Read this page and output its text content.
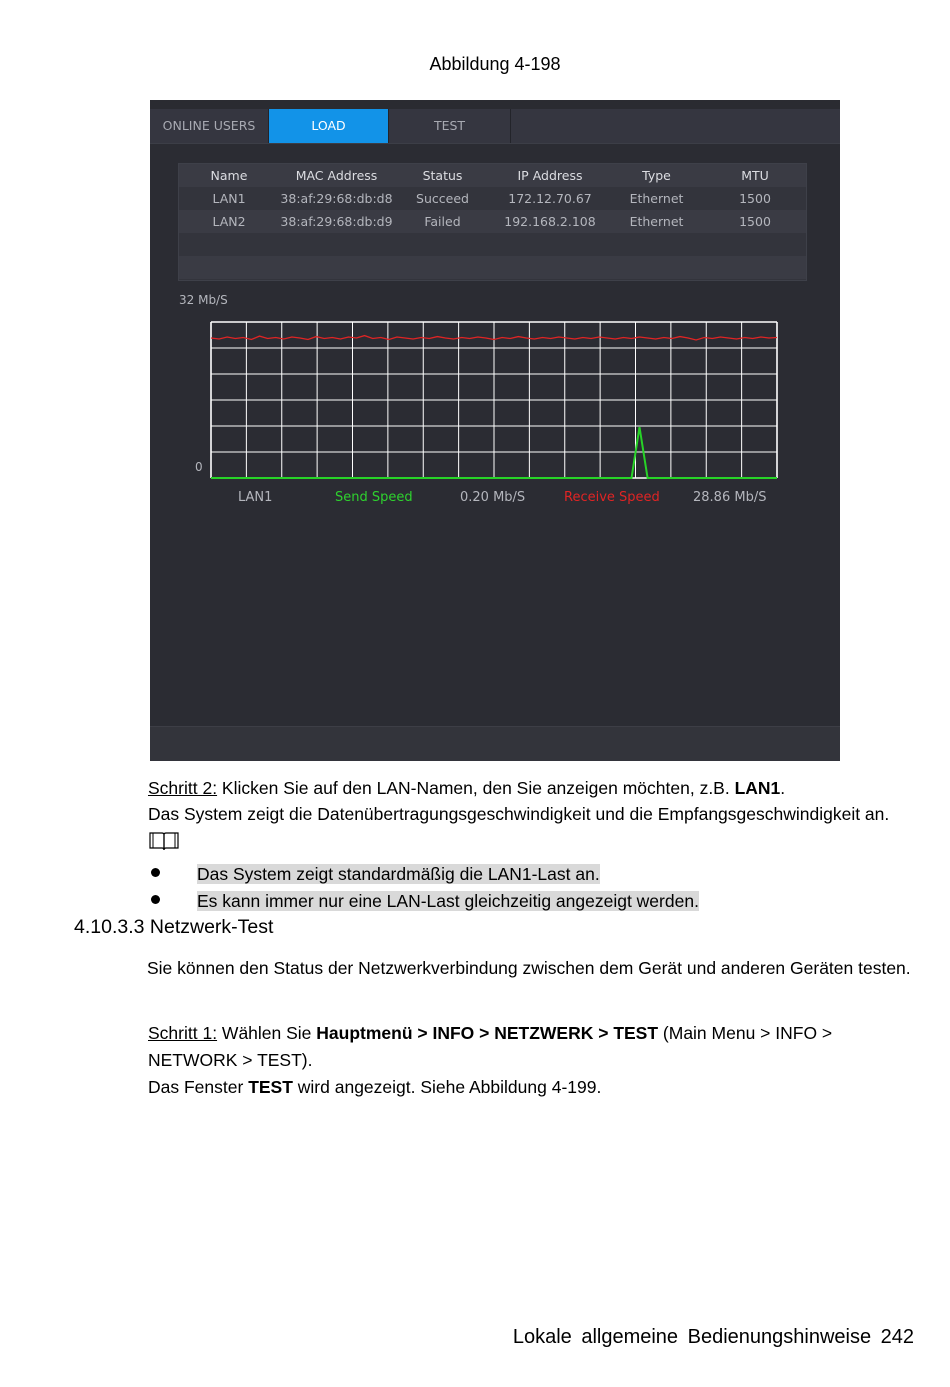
Abbildung 4-198
ONLINE USERS	LOAD	TEST
Name	MAC Address	Status	IP Address	Type	MTU
LAN1	38:af:29:68:db:d8	Succeed	172.12.70.67	Ethernet	1500
LAN2	38:af:29:68:db:d9	Failed	192.168.2.108	Ethernet	1500
32 Mb/S
0
LAN1	Send Speed	0.20 Mb/S	Receive Speed	28.86 Mb/S
Schritt 2: Klicken Sie auf den LAN-Namen, den Sie anzeigen möchten, z.B. LAN1.
Das System zeigt die Datenübertragungsgeschwindigkeit und die Empfangsgeschwindigkeit an.
Das System zeigt standardmäßig die LAN1-Last an.
Es kann immer nur eine LAN-Last gleichzeitig angezeigt werden.
4.10.3.3 Netzwerk-Test
Sie können den Status der Netzwerkverbindung zwischen dem Gerät und anderen Geräten testen.
Schritt 1: Wählen Sie Hauptmenü > INFO > NETZWERK > TEST (Main Menu > INFO >
NETWORK > TEST).
Das Fenster TEST wird angezeigt. Siehe Abbildung 4-199.
Lokale allgemeine Bedienungshinweise 242
